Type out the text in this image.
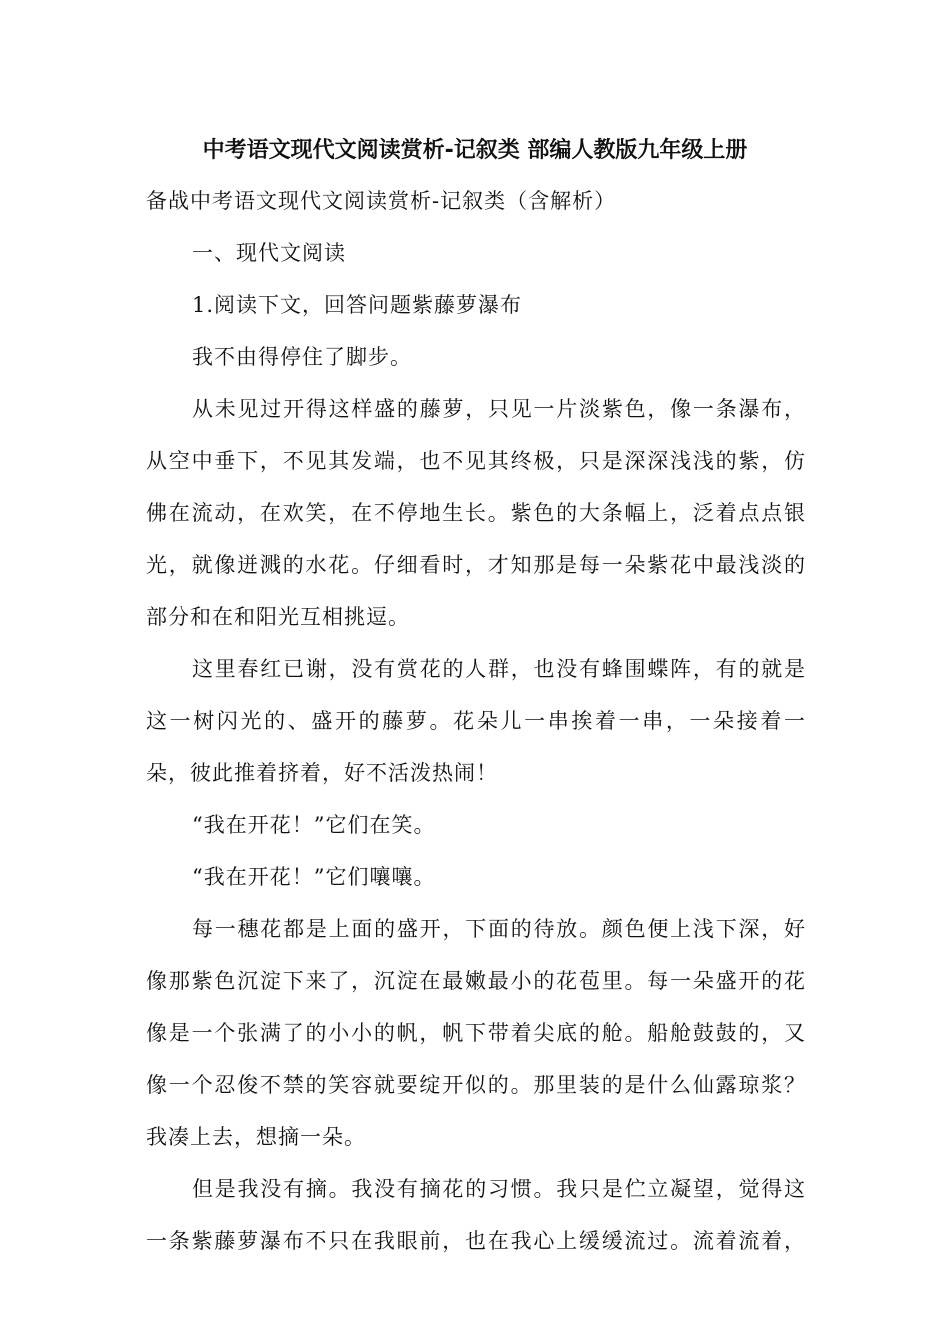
中考语文现代文阅读赏析-记叙类 部编人教版九年级上册
备战中考语文现代文阅读赏析-记叙类（含解析）
一、现代文阅读
1.阅读下文，回答问题紫藤萝瀑布
我不由得停住了脚步。
从未见过开得这样盛的藤萝，只见一片淡紫色，像一条瀑布，
从空中垂下，不见其发端，也不见其终极，只是深深浅浅的紫，仿
佛在流动，在欢笑，在不停地生长。紫色的大条幅上，泛着点点银
光，就像迸溅的水花。仔细看时，才知那是每一朵紫花中最浅淡的
部分和在和阳光互相挑逗。
这里春红已谢，没有赏花的人群，也没有蜂围蝶阵，有的就是
这一树闪光的、盛开的藤萝。花朵儿一串挨着一串，一朵接着一
朵，彼此推着挤着，好不活泼热闹！
“我在开花！”它们在笑。
“我在开花！”它们嚷嚷。
每一穗花都是上面的盛开，下面的待放。颜色便上浅下深，好
像那紫色沉淀下来了，沉淀在最嫩最小的花苞里。每一朵盛开的花
像是一个张满了的小小的帆，帆下带着尖底的舱。船舱鼓鼓的，又
像一个忍俊不禁的笑容就要绽开似的。那里装的是什么仙露琼浆？
我凑上去，想摘一朵。
但是我没有摘。我没有摘花的习惯。我只是伫立凝望，觉得这
一条紫藤萝瀑布不只在我眼前，也在我心上缓缓流过。流着流着，
